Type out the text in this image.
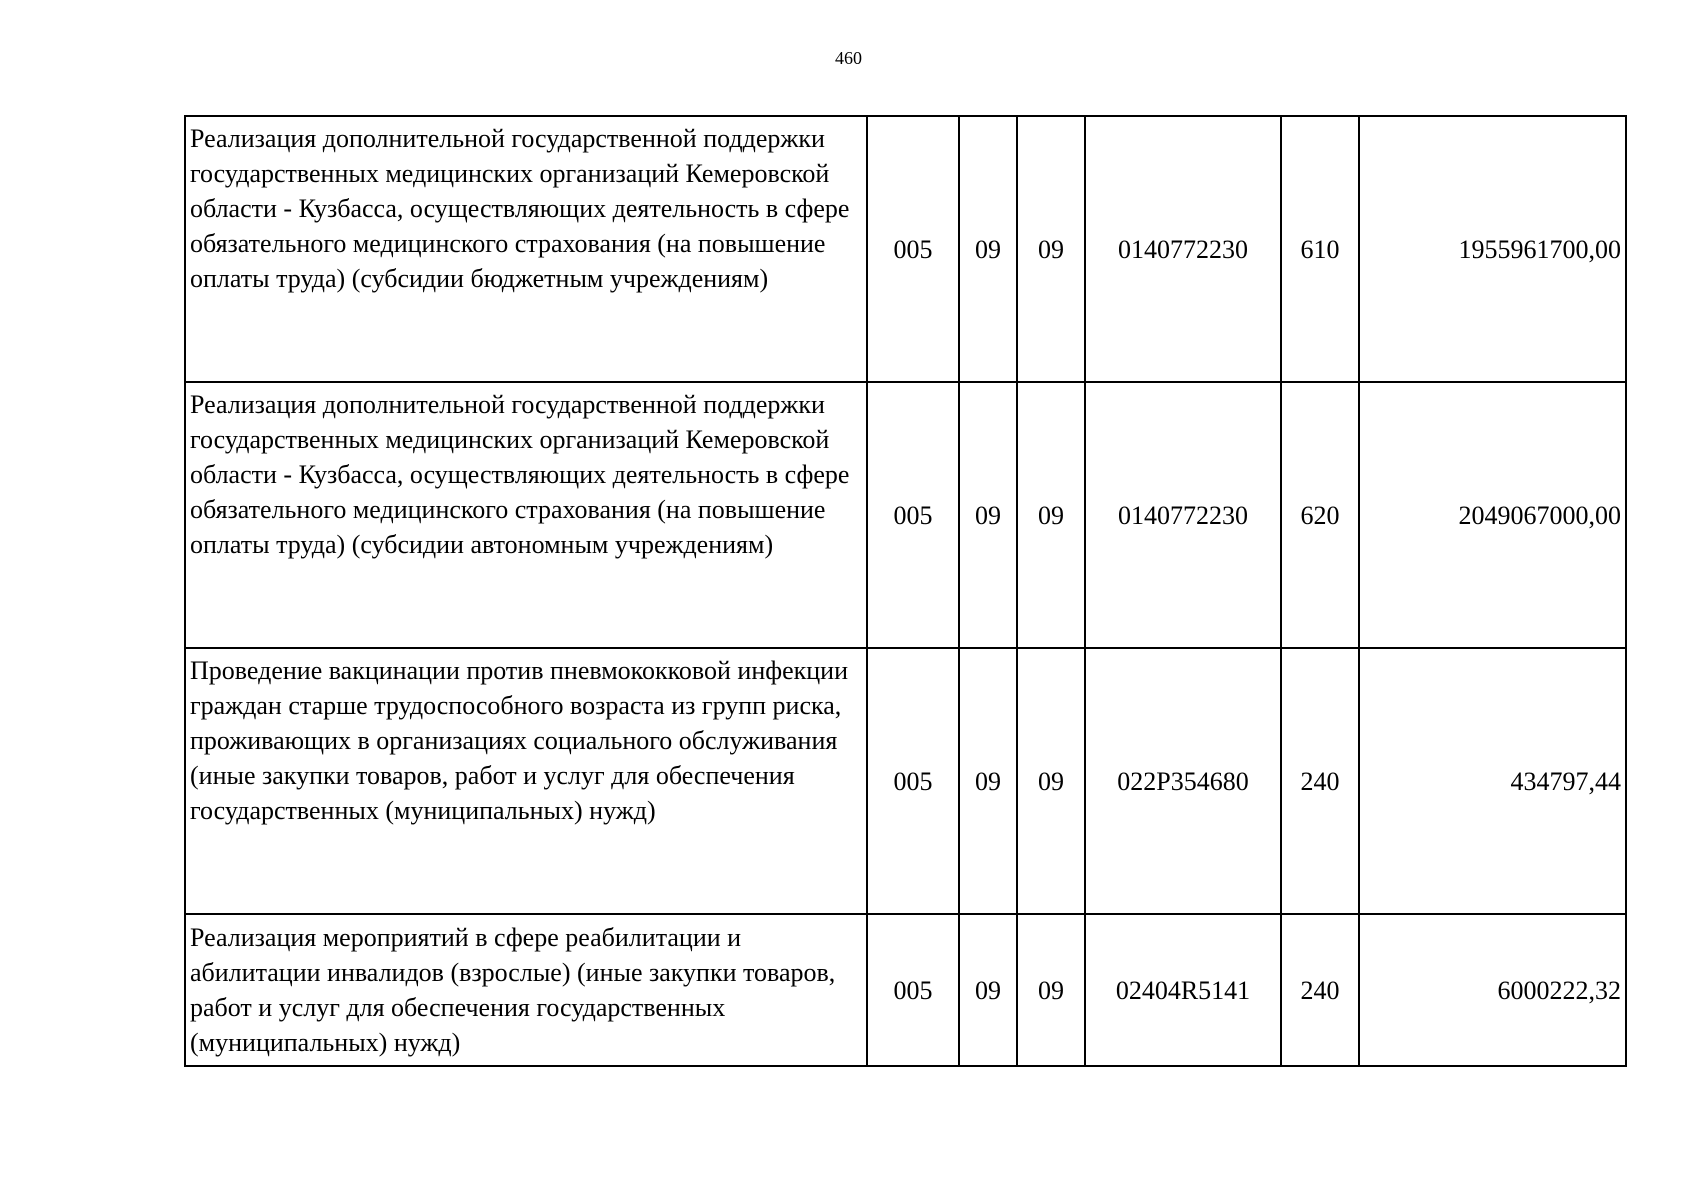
460
Реализация дополнительной государственной поддержки государственных медицинских организаций Кемеровской области - Кузбасса, осуществляющих деятельность в сфере обязательного медицинского страхования (на повышение оплаты труда) (субсидии бюджетным учреждениям)	005	09	09	0140772230	610	1955961700,00
Реализация дополнительной государственной поддержки государственных медицинских организаций Кемеровской области - Кузбасса, осуществляющих деятельность в сфере обязательного медицинского страхования (на повышение оплаты труда) (субсидии автономным учреждениям)	005	09	09	0140772230	620	2049067000,00
Проведение вакцинации против пневмококковой инфекции граждан старше трудоспособного возраста из групп риска, проживающих в организациях социального обслуживания (иные закупки товаров, работ и услуг для обеспечения государственных (муниципальных) нужд)	005	09	09	022P354680	240	434797,44
Реализация мероприятий в сфере реабилитации и абилитации инвалидов (взрослые) (иные закупки товаров, работ и услуг для обеспечения государственных (муниципальных) нужд)	005	09	09	02404R5141	240	6000222,32
